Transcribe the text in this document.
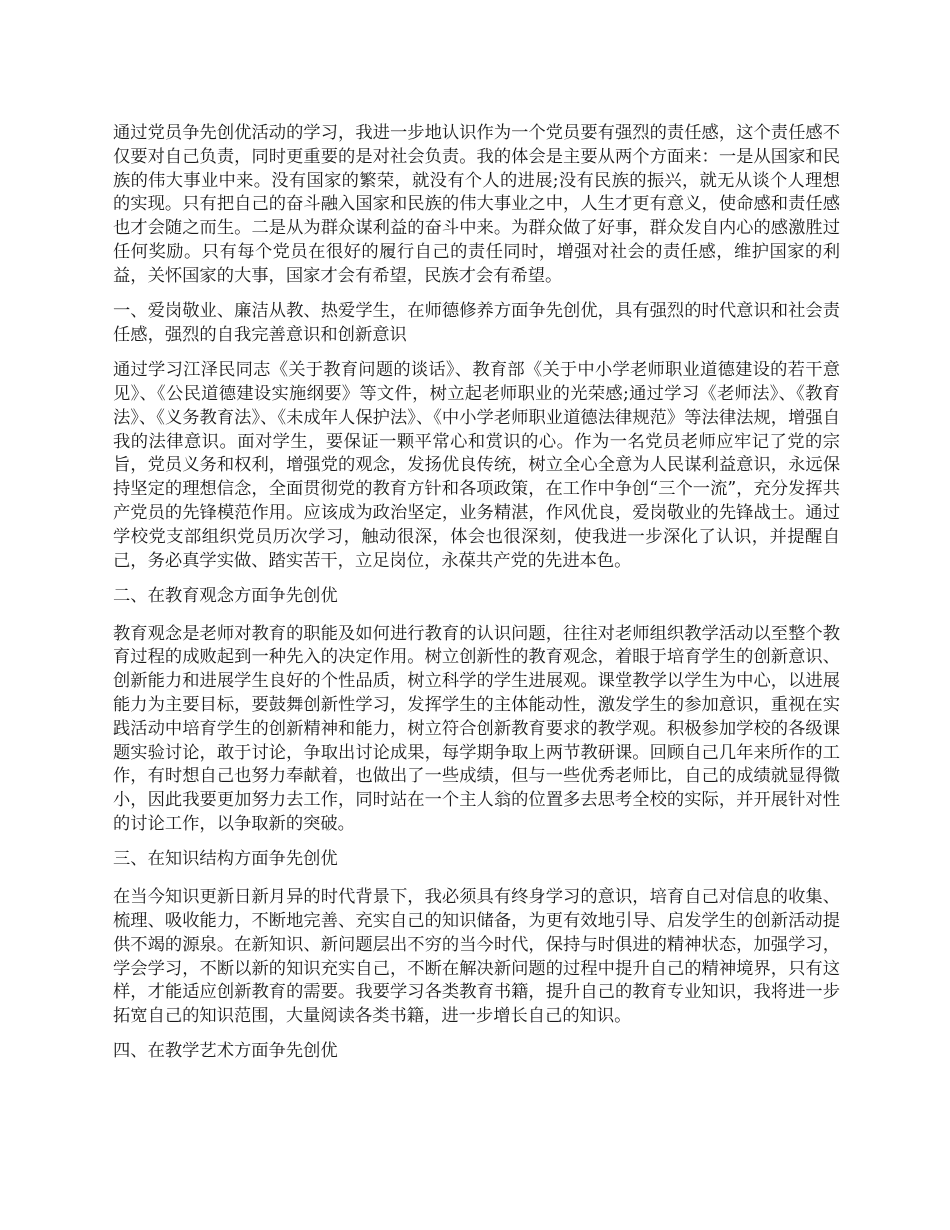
通过党员争先创优活动的学习，我进一步地认识作为一个党员要有强烈的责任感，这个责任感不仅要对自己负责，同时更重要的是对社会负责。我的体会是主要从两个方面来：一是从国家和民族的伟大事业中来。没有国家的繁荣，就没有个人的进展;没有民族的振兴，就无从谈个人理想的实现。只有把自己的奋斗融入国家和民族的伟大事业之中，人生才更有意义，使命感和责任感也才会随之而生。二是从为群众谋利益的奋斗中来。为群众做了好事，群众发自内心的感激胜过任何奖励。只有每个党员在很好的履行自己的责任同时，增强对社会的责任感，维护国家的利益，关怀国家的大事，国家才会有希望，民族才会有希望。

一、爱岗敬业、廉洁从教、热爱学生，在师德修养方面争先创优，具有强烈的时代意识和社会责任感，强烈的自我完善意识和创新意识

通过学习江泽民同志《关于教育问题的谈话》、教育部《关于中小学老师职业道德建设的若干意见》、《公民道德建设实施纲要》等文件，树立起老师职业的光荣感;通过学习《老师法》、《教育法》、《义务教育法》、《未成年人保护法》、《中小学老师职业道德法律规范》等法律法规，增强自我的法律意识。面对学生，要保证一颗平常心和赏识的心。作为一名党员老师应牢记了党的宗旨，党员义务和权利，增强党的观念，发扬优良传统，树立全心全意为人民谋利益意识，永远保持坚定的理想信念，全面贯彻党的教育方针和各项政策，在工作中争创“三个一流”，充分发挥共产党员的先锋模范作用。应该成为政治坚定，业务精湛，作风优良，爱岗敬业的先锋战士。通过学校党支部组织党员历次学习，触动很深，体会也很深刻，使我进一步深化了认识，并提醒自己，务必真学实做、踏实苦干，立足岗位，永葆共产党的先进本色。

二、在教育观念方面争先创优

教育观念是老师对教育的职能及如何进行教育的认识问题，往往对老师组织教学活动以至整个教育过程的成败起到一种先入的决定作用。树立创新性的教育观念，着眼于培育学生的创新意识、创新能力和进展学生良好的个性品质，树立科学的学生进展观。课堂教学以学生为中心，以进展能力为主要目标，要鼓舞创新性学习，发挥学生的主体能动性，激发学生的参加意识，重视在实践活动中培育学生的创新精神和能力，树立符合创新教育要求的教学观。积极参加学校的各级课题实验讨论，敢于讨论，争取出讨论成果，每学期争取上两节教研课。回顾自己几年来所作的工作，有时想自己也努力奉献着，也做出了一些成绩，但与一些优秀老师比，自己的成绩就显得微小，因此我要更加努力去工作，同时站在一个主人翁的位置多去思考全校的实际，并开展针对性的讨论工作，以争取新的突破。

三、在知识结构方面争先创优

在当今知识更新日新月异的时代背景下，我必须具有终身学习的意识，培育自己对信息的收集、梳理、吸收能力，不断地完善、充实自己的知识储备，为更有效地引导、启发学生的创新活动提供不竭的源泉。在新知识、新问题层出不穷的当今时代，保持与时俱进的精神状态，加强学习，学会学习，不断以新的知识充实自己，不断在解决新问题的过程中提升自己的精神境界，只有这样，才能适应创新教育的需要。我要学习各类教育书籍，提升自己的教育专业知识，我将进一步拓宽自己的知识范围，大量阅读各类书籍，进一步增长自己的知识。

四、在教学艺术方面争先创优
